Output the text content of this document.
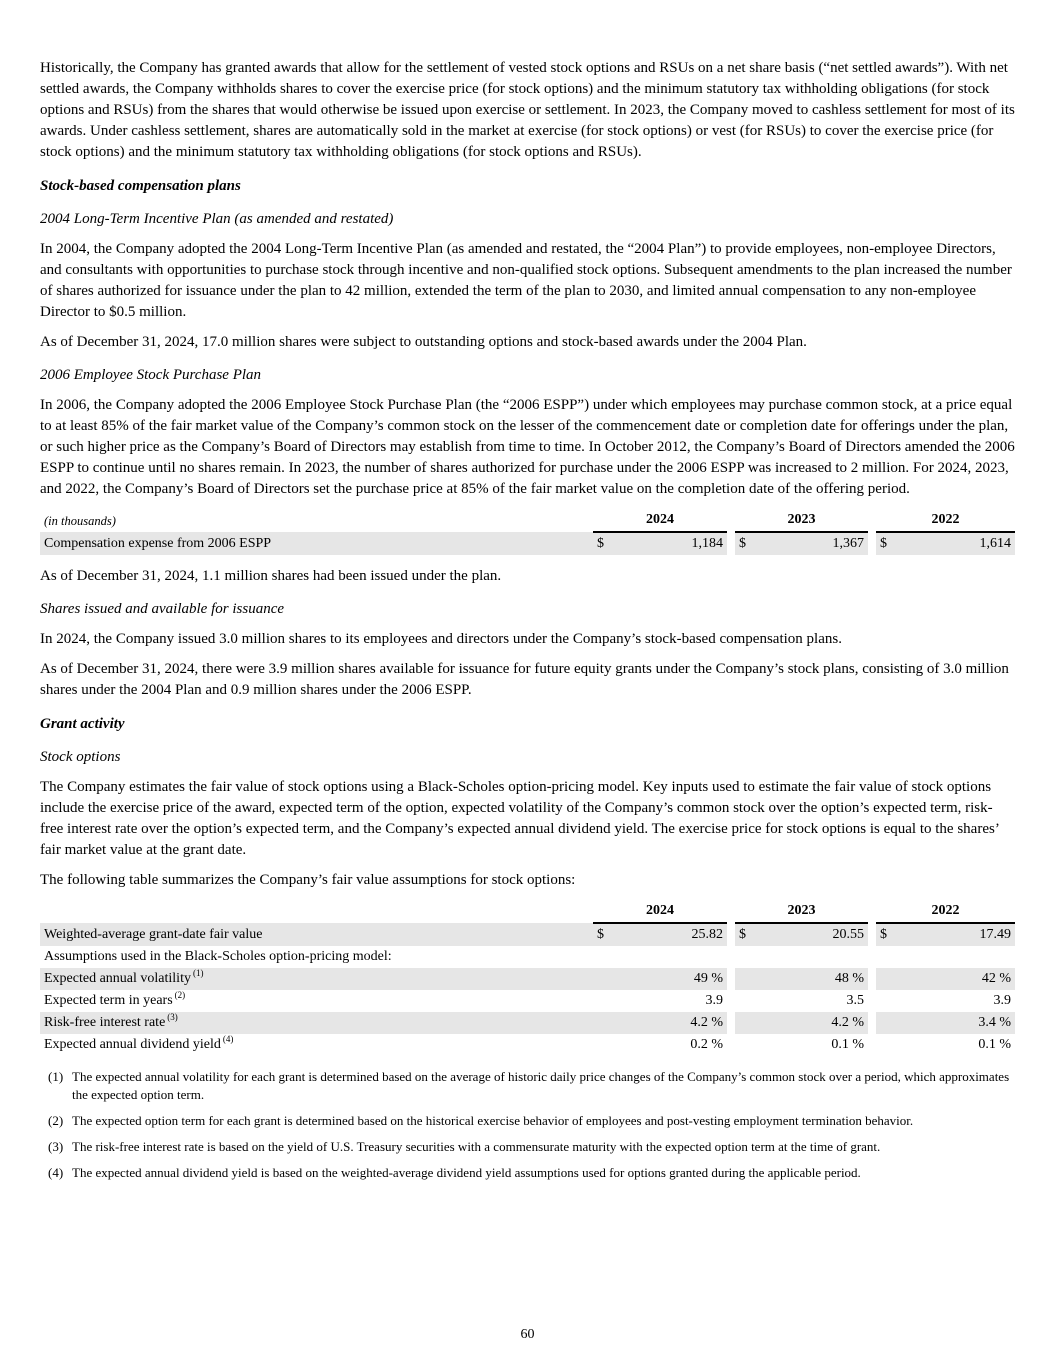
Historically, the Company has granted awards that allow for the settlement of vested stock options and RSUs on a net share basis (“net settled awards”). With net settled awards, the Company withholds shares to cover the exercise price (for stock options) and the minimum statutory tax withholding obligations (for stock options and RSUs) from the shares that would otherwise be issued upon exercise or settlement. In 2023, the Company moved to cashless settlement for most of its awards. Under cashless settlement, shares are automatically sold in the market at exercise (for stock options) or vest (for RSUs) to cover the exercise price (for stock options) and the minimum statutory tax withholding obligations (for stock options and RSUs).

Stock-based compensation plans
2004 Long-Term Incentive Plan (as amended and restated)

In 2004, the Company adopted the 2004 Long-Term Incentive Plan (as amended and restated, the “2004 Plan”) to provide employees, non-employee Directors, and consultants with opportunities to purchase stock through incentive and non-qualified stock options. Subsequent amendments to the plan increased the number of shares authorized for issuance under the plan to 42 million, extended the term of the plan to 2030, and limited annual compensation to any non-employee Director to $0.5 million.

As of December 31, 2024, 17.0 million shares were subject to outstanding options and stock-based awards under the 2004 Plan.

2006 Employee Stock Purchase Plan

In 2006, the Company adopted the 2006 Employee Stock Purchase Plan (the “2006 ESPP”) under which employees may purchase common stock, at a price equal to at least 85% of the fair market value of the Company’s common stock on the lesser of the commencement date or completion date for offerings under the plan, or such higher price as the Company’s Board of Directors may establish from time to time. In October 2012, the Company’s Board of Directors amended the 2006 ESPP to continue until no shares remain. In 2023, the number of shares authorized for purchase under the 2006 ESPP was increased to 2 million. For 2024, 2023, and 2022, the Company’s Board of Directors set the purchase price at 85% of the fair market value on the completion date of the offering period.

(in thousands)	2024			2023			2022	
Compensation expense from 2006 ESPP	$	1,184		$	1,367		$	1,614

As of December 31, 2024, 1.1 million shares had been issued under the plan.

Shares issued and available for issuance

In 2024, the Company issued 3.0 million shares to its employees and directors under the Company’s stock-based compensation plans.

As of December 31, 2024, there were 3.9 million shares available for issuance for future equity grants under the Company’s stock plans, consisting of 3.0 million shares under the 2004 Plan and 0.9 million shares under the 2006 ESPP.

Grant activity
Stock options

The Company estimates the fair value of stock options using a Black-Scholes option-pricing model. Key inputs used to estimate the fair value of stock options include the exercise price of the award, expected term of the option, expected volatility of the Company’s common stock over the option’s expected term, risk-free interest rate over the option’s expected term, and the Company’s expected annual dividend yield. The exercise price for stock options is equal to the shares’ fair market value at the grant date.

The following table summarizes the Company’s fair value assumptions for stock options:

	2024			2023			2022	
Weighted-average grant-date fair value	$	25.82		$	20.55		$	17.49
Assumptions used in the Black-Scholes option-pricing model:								
Expected annual volatility $^{(1)}$		49 %			48 %			42 %
Expected term in years $^{(2)}$		3.9			3.5			3.9
Risk-free interest rate $^{(3)}$		4.2 %			4.2 %			3.4 %
Expected annual dividend yield $^{(4)}$		0.2 %			0.1 %			0.1 %
(1) The expected annual volatility for each grant is determined based on the average of historic daily price changes of the Company’s common stock over a period, which approximates the expected option term.
(2) The expected option term for each grant is determined based on the historical exercise behavior of employees and post-vesting employment termination behavior.
(3) The risk-free interest rate is based on the yield of U.S. Treasury securities with a commensurate maturity with the expected option term at the time of grant.
(4) The expected annual dividend yield is based on the weighted-average dividend yield assumptions used for options granted during the applicable period.
60
